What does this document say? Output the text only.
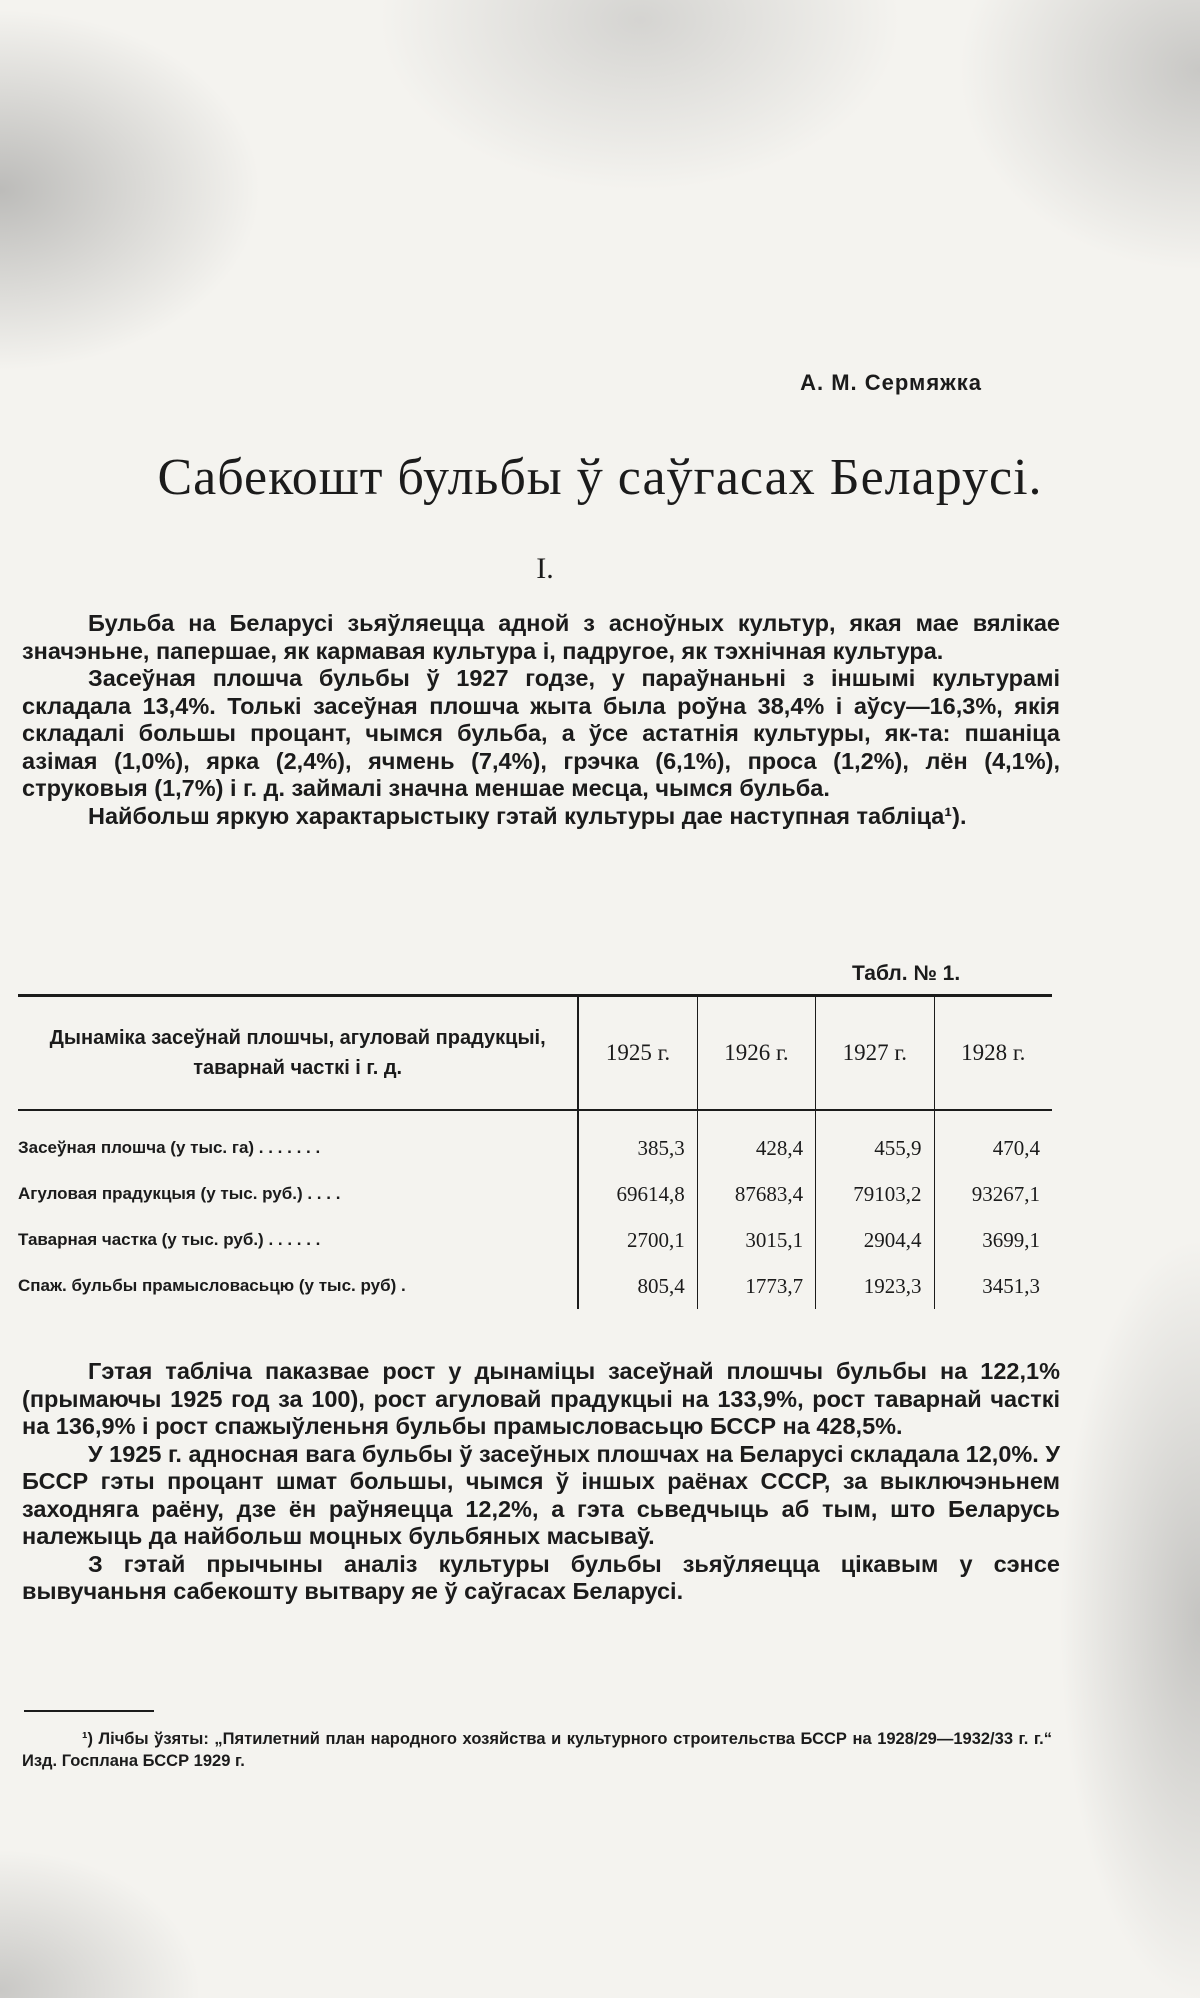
А. М. Сермяжка
Сабекошт бульбы ў саўгасах Беларусі.
I.

Бульба на Беларусі зьяўляецца адной з асноўных культур, якая мае вялікае значэньне, папершае, як кармавая культура і, падругое, як тэхнічная культура.

Засеўная плошча бульбы ў 1927 годзе, у параўнаньні з іншымі культурамі складала 13,4%. Толькі засеўная плошча жыта была роўна 38,4% і аўсу—16,3%, якія складалі большы процант, чымся бульба, а ўсе астатнія культуры, як-та: пшаніца азімая (1,0%), ярка (2,4%), ячмень (7,4%), грэчка (6,1%), проса (1,2%), лён (4,1%), струковыя (1,7%) і г. д. займалі значна меншае месца, чымся бульба.

Найбольш яркую характарыстыку гэтай культуры дае наступная табліца¹).

Табл. № 1.
Дынаміка засеўнай плошчы, агуловай прадукцыі, таварнай часткі і г. д.	1925 г.	1926 г.	1927 г.	1928 г.
Засеўная плошча (у тыс. га) . . . . . . .	385,3	428,4	455,9	470,4
Агуловая прадукцыя (у тыс. руб.) . . . .	69614,8	87683,4	79103,2	93267,1
Таварная частка (у тыс. руб.) . . . . . .	2700,1	3015,1	2904,4	3699,1
Спаж. бульбы прамысловасьцю (у тыс. руб) .	805,4	1773,7	1923,3	3451,3

Гэтая табліча паказвае рост у дынаміцы засеўнай плошчы бульбы на 122,1% (прымаючы 1925 год за 100), рост агуловай прадукцыі на 133,9%, рост таварнай часткі на 136,9% і рост спажыўленьня бульбы прамысловасьцю БССР на 428,5%.

У 1925 г. адносная вага бульбы ў засеўных плошчах на Беларусі складала 12,0%. У БССР гэты процант шмат большы, чымся ў іншых раёнах СССР, за выключэньнем заходняга раёну, дзе ён раўняецца 12,2%, а гэта сьведчыць аб тым, што Беларусь належыць да найбольш моцных бульбяных масываў.

З гэтай прычыны аналіз культуры бульбы зьяўляецца цікавым у сэнсе вывучаньня сабекошту вытвару яе ў саўгасах Беларусі.

¹) Лічбы ўзяты: „Пятилетний план народного хозяйства и культурного строительства БССР на 1928/29—1932/33 г. г.“ Изд. Госплана БССР 1929 г.
